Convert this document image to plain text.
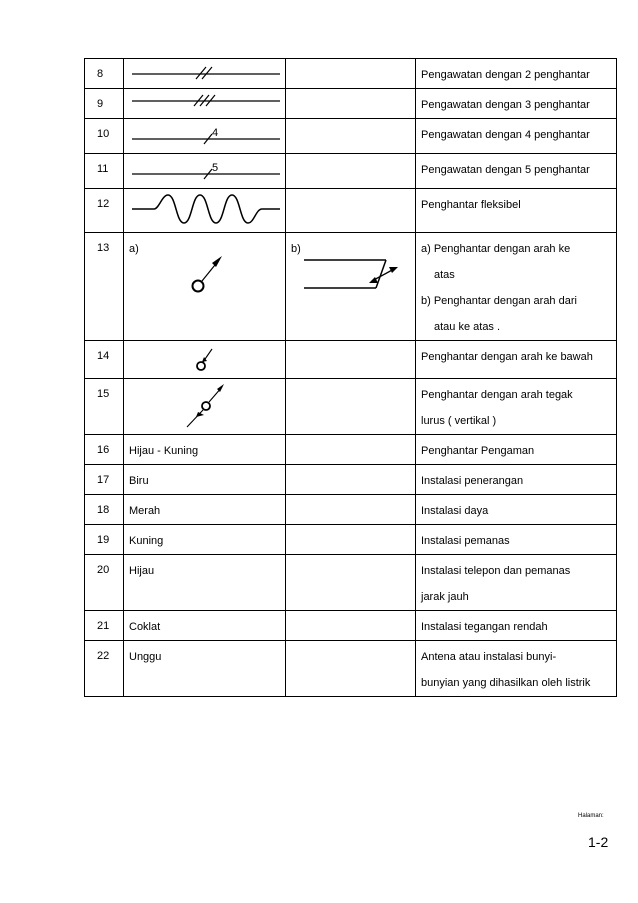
8			Pengawatan dengan 2 penghantar

9			Pengawatan dengan 3 penghantar

10	4		Pengawatan dengan 4 penghantar

11	5		Pengawatan dengan 5 penghantar

12			Penghantar fleksibel

13	a)	b)	a) Penghantar dengan arah ke
atas
b) Penghantar dengan arah dari
atau ke atas .

14			Penghantar dengan arah ke bawah

15			Penghantar dengan arah tegak
lurus ( vertikal )

16	Hijau - Kuning		Penghantar Pengaman

17	Biru		Instalasi penerangan

18	Merah		Instalasi daya

19	Kuning		Instalasi pemanas

20	Hijau		Instalasi telepon dan pemanas
jarak jauh

21	Coklat		Instalasi tegangan rendah

22	Unggu		Antena atau instalasi bunyi-
bunyian yang dihasilkan oleh listrik
Halaman:
1-2
